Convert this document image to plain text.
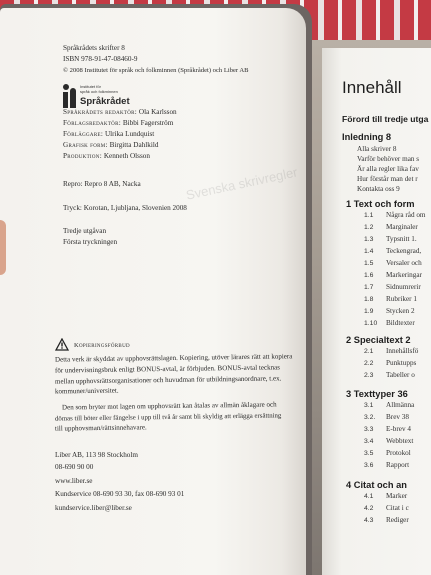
Språkrådets skrifter 8
ISBN 978-91-47-08460-9
© 2008 Institutet för språk och folkminnen (Språkrådet) och Liber AB
Institutet för
språk och folkminnen
Språkrådet
Språkrådets redaktör: Ola Karlsson
Förlagsredaktör: Bibbi Fagerström
Förläggare: Ulrika Lundquist
Grafisk form: Birgitta Dahlkild
Produktion: Kenneth Olsson
Svenska skrivregler
Repro: Repro 8 AB, Nacka
Tryck: Korotan, Ljubljana, Slovenien 2008
Tredje utgåvan
Första tryckningen
Kopieringsförbud
Detta verk är skyddat av upphovsrättslagen. Kopiering, utöver lärares rätt att kopiera
för undervisningsbruk enligt BONUS-avtal, är förbjuden. BONUS-avtal tecknas
mellan upphovsrättsorganisationer och huvudman för utbildningsanordnare, t.ex.
kommuner/universitet.
Den som bryter mot lagen om upphovsrätt kan åtalas av allmän åklagare och
dömas till böter eller fängelse i upp till två år samt bli skyldig att erlägga ersättning
till upphovsman/rättsinnehavare.
Liber AB, 113 98 Stockholm
08-690 90 00
www.liber.se
Kundservice 08-690 93 30, fax 08-690 93 01
kundservice.liber@liber.se
Innehåll
Förord till tredje utga
Inledning 8
Alla skriver 8
Varför behöver man s
Är alla regler lika fav
Hur förstår man det r
Kontakta oss 9
1 Text och form
1.1 Några råd om
1.2 Marginaler
1.3 Typsnitt 1.
1.4 Teckengrad,
1.5 Versaler och
1.6 Markeringar
1.7 Sidnumrerir
1.8 Rubriker 1
1.9 Stycken 2
1.10 Bildtexter
2 Specialtext 2
2.1 Innehållsfö
2.2 Punktupps
2.3 Tabeller o
3 Texttyper 36
3.1 Allmänna
3.2. Brev 38
3.3 E-brev 4
3.4 Webbtext
3.5 Protokol
3.6 Rapport
4 Citat och an
4.1 Marker
4.2 Citat i c
4.3 Rediger
